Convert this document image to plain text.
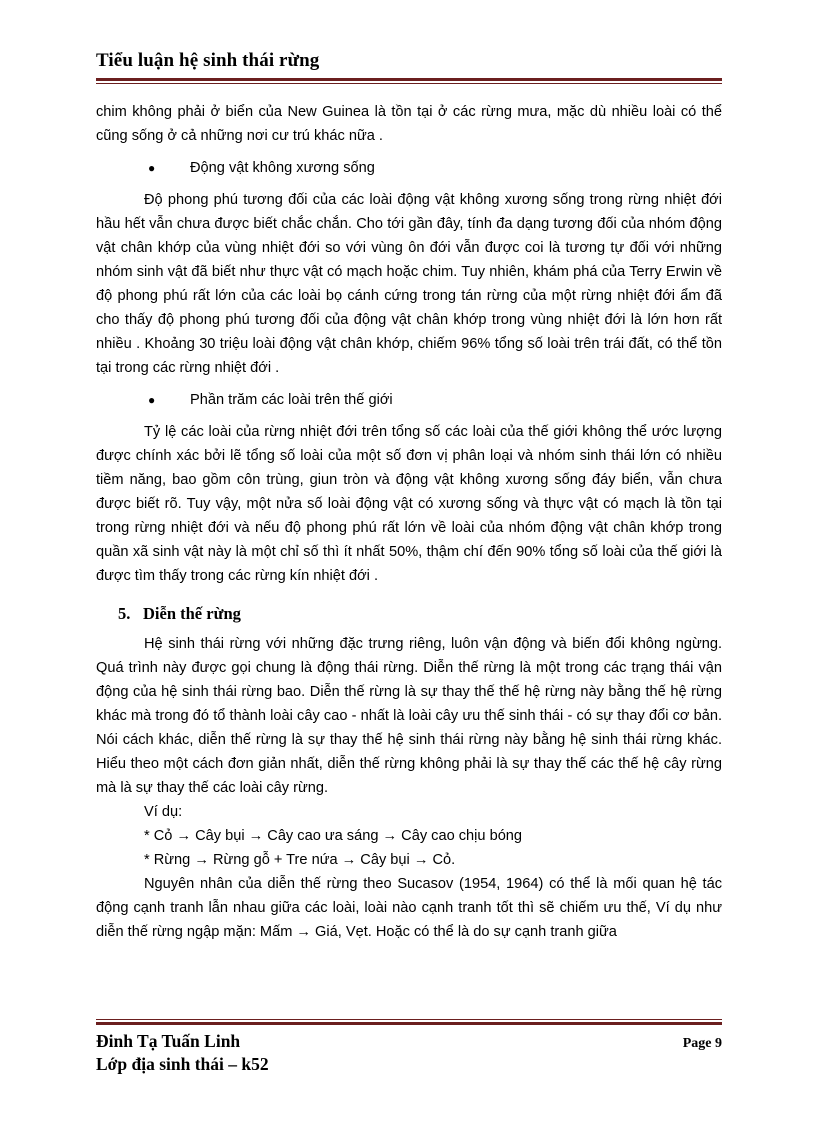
Tiểu luận hệ sinh thái rừng

chim không phải ở biển của New Guinea là tồn tại ở các rừng mưa, mặc dù nhiều loài có thể cũng sống ở cả những nơi cư trú khác nữa .

●	Động vật không xương sống

Độ phong phú tương đối của các loài động vật không xương sống trong rừng nhiệt đới hầu hết vẫn chưa được biết chắc chắn. Cho tới gần đây, tính đa dạng tương đối của nhóm động vật chân khớp của vùng nhiệt đới so với vùng ôn đới vẫn được coi là tương tự đối với những nhóm sinh vật đã biết như thực vật có mạch hoặc chim. Tuy nhiên, khám phá của Terry Erwin về độ phong phú rất lớn của các loài bọ cánh cứng trong tán rừng của một rừng nhiệt đới ẩm đã cho thấy độ phong phú tương đối của động vật chân khớp trong vùng nhiệt đới là lớn hơn rất nhiều . Khoảng 30 triệu loài động vật chân khớp, chiếm 96% tổng số loài trên trái đất, có thể tồn tại trong các rừng nhiệt đới .

●	Phần trăm các loài trên thế giới

Tỷ lệ các loài của rừng nhiệt đới trên tổng số các loài của thế giới không thể ước lượng được chính xác bởi lẽ tổng số loài của một số đơn vị phân loại và nhóm sinh thái lớn có nhiều tiềm năng, bao gồm côn trùng, giun tròn và động vật không xương sống đáy biển, vẫn chưa được biết rõ. Tuy vậy, một nửa số loài động vật có xương sống và thực vật có mạch là tồn tại trong rừng nhiệt đới và nếu độ phong phú rất lớn về loài của nhóm động vật chân khớp trong quần xã sinh vật này là một chỉ số thì ít nhất 50%, thậm chí đến 90% tổng số loài của thế giới là được tìm thấy trong các rừng kín nhiệt đới .

5. Diễn thế rừng

Hệ sinh thái rừng với những đặc trưng riêng, luôn vận động và biến đổi không ngừng. Quá trình này được gọi chung là động thái rừng. Diễn thế rừng là một trong các trạng thái vận động của hệ sinh thái rừng bao. Diễn thế rừng là sự thay thế thế hệ rừng này bằng thế hệ rừng khác mà trong đó tổ thành loài cây cao - nhất là loài cây ưu thế sinh thái - có sự thay đổi cơ bản. Nói cách khác, diễn thế rừng là sự thay thế hệ sinh thái rừng này bằng hệ sinh thái rừng khác. Hiểu theo một cách đơn giản nhất, diễn thế rừng không phải là sự thay thế các thế hệ cây rừng mà là sự thay thế các loài cây rừng.

Ví dụ:

* Cỏ → Cây bụi → Cây cao ưa sáng → Cây cao chịu bóng

* Rừng → Rừng gỗ + Tre nứa → Cây bụi → Cỏ.

Nguyên nhân của diễn thế rừng theo Sucasov (1954, 1964) có thể là mối quan hệ tác động cạnh tranh lẫn nhau giữa các loài, loài nào cạnh tranh tốt thì sẽ chiếm ưu thế, Ví dụ như diễn thế rừng ngập mặn: Mấm → Giá, Vẹt. Hoặc có thể là do sự cạnh tranh giữa

Đinh Tạ Tuấn Linh	Page 9
Lớp địa sinh thái – k52
